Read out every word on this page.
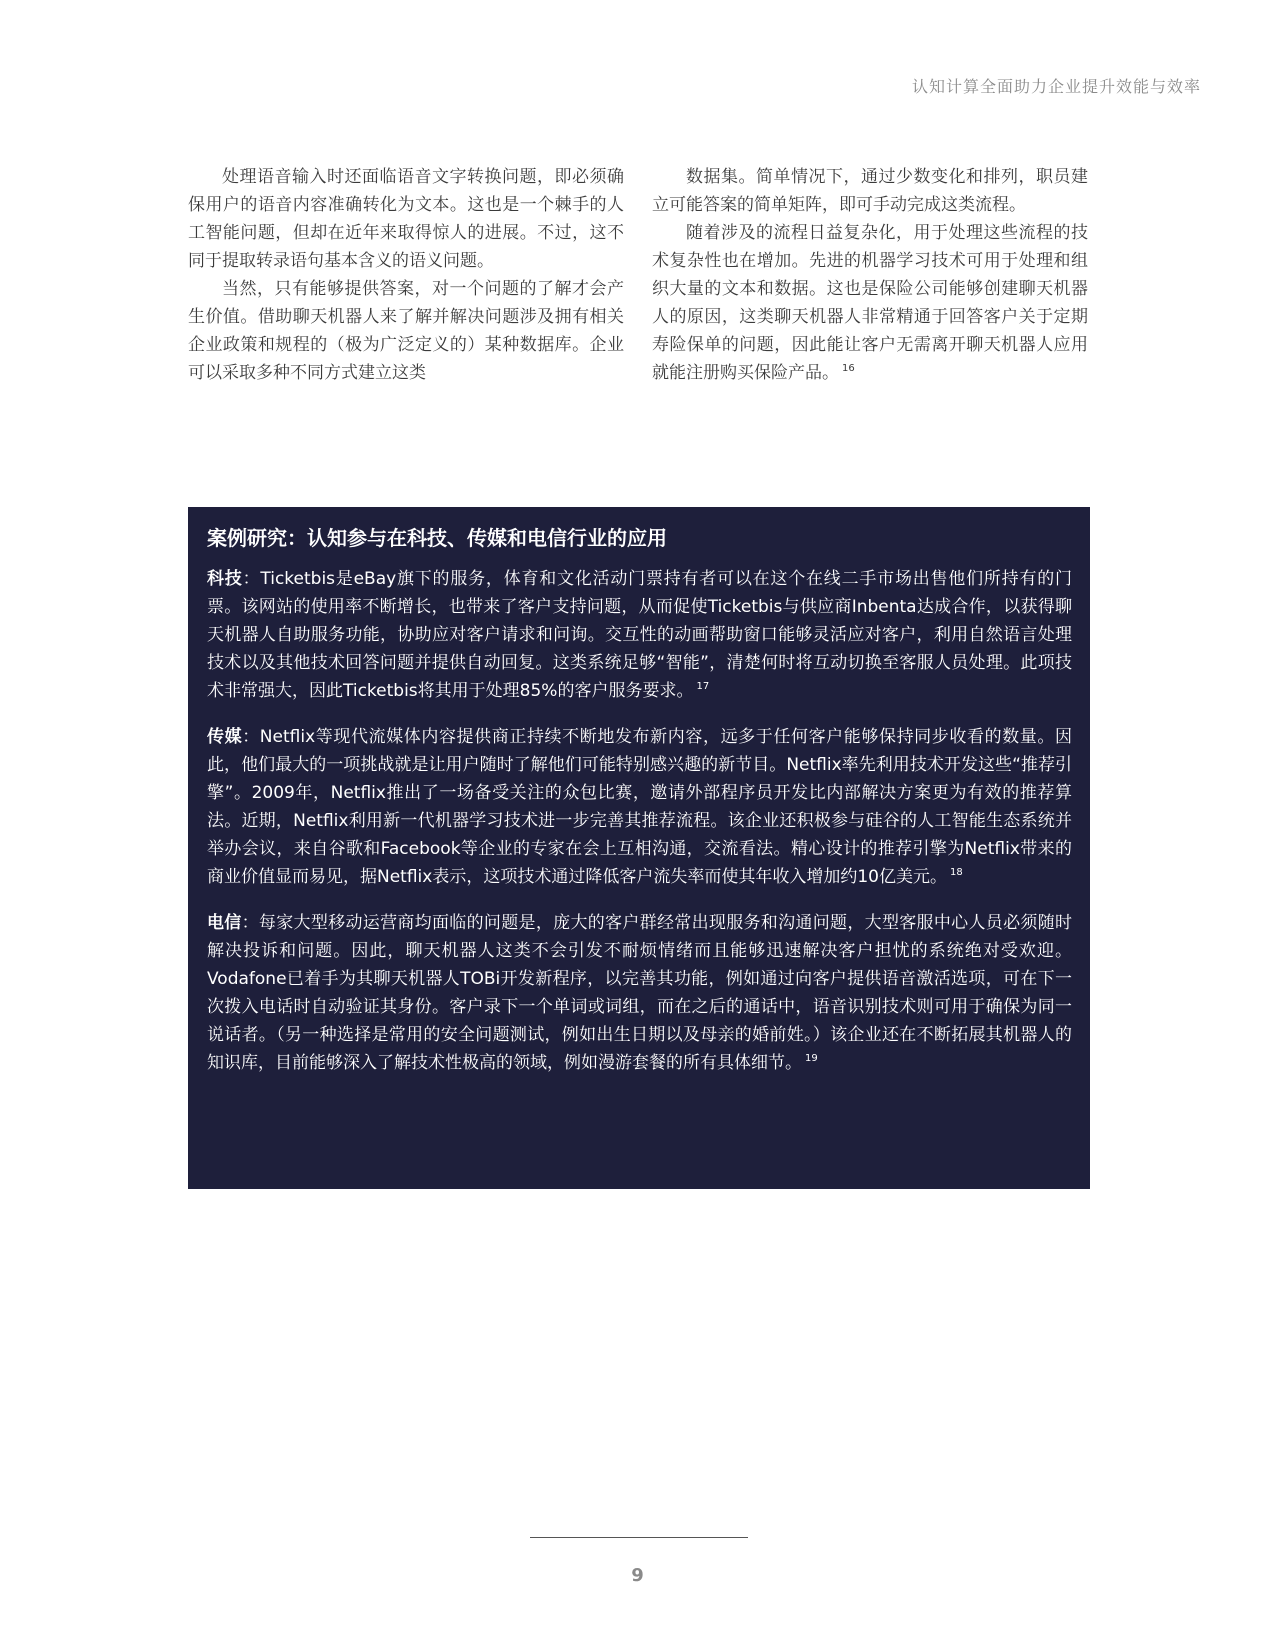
认知计算全面助力企业提升效能与效率

处理语音输入时还面临语音文字转换问题，即必须确保用户的语音内容准确转化为文本。这也是一个棘手的人工智能问题，但却在近年来取得惊人的进展。不过，这不同于提取转录语句基本含义的语义问题。

当然，只有能够提供答案，对一个问题的了解才会产生价值。借助聊天机器人来了解并解决问题涉及拥有相关企业政策和规程的（极为广泛定义的）某种数据库。企业可以采取多种不同方式建立这类

数据集。简单情况下，通过少数变化和排列，职员建立可能答案的简单矩阵，即可手动完成这类流程。

随着涉及的流程日益复杂化，用于处理这些流程的技术复杂性也在增加。先进的机器学习技术可用于处理和组织大量的文本和数据。这也是保险公司能够创建聊天机器人的原因，这类聊天机器人非常精通于回答客户关于定期寿险保单的问题，因此能让客户无需离开聊天机器人应用就能注册购买保险产品。 $^{16}$

案例研究：认知参与在科技、传媒和电信行业的应用

科技：Ticketbis是eBay旗下的服务，体育和文化活动门票持有者可以在这个在线二手市场出售他们所持有的门票。该网站的使用率不断增长，也带来了客户支持问题，从而促使Ticketbis与供应商Inbenta达成合作，以获得聊天机器人自助服务功能，协助应对客户请求和问询。交互性的动画帮助窗口能够灵活应对客户，利用自然语言处理技术以及其他技术回答问题并提供自动回复。这类系统足够“智能”，清楚何时将互动切换至客服人员处理。此项技术非常强大，因此Ticketbis将其用于处理85%的客户服务要求。 $^{17}$

传媒：Netflix等现代流媒体内容提供商正持续不断地发布新内容，远多于任何客户能够保持同步收看的数量。因此，他们最大的一项挑战就是让用户随时了解他们可能特别感兴趣的新节目。Netflix率先利用技术开发这些“推荐引擎”。2009年，Netflix推出了一场备受关注的众包比赛，邀请外部程序员开发比内部解决方案更为有效的推荐算法。近期，Netflix利用新一代机器学习技术进一步完善其推荐流程。该企业还积极参与硅谷的人工智能生态系统并举办会议，来自谷歌和Facebook等企业的专家在会上互相沟通，交流看法。精心设计的推荐引擎为Netflix带来的商业价值显而易见，据Netflix表示，这项技术通过降低客户流失率而使其年收入增加约10亿美元。 $^{18}$

电信：每家大型移动运营商均面临的问题是，庞大的客户群经常出现服务和沟通问题，大型客服中心人员必须随时解决投诉和问题。因此，聊天机器人这类不会引发不耐烦情绪而且能够迅速解决客户担忧的系统绝对受欢迎。Vodafone已着手为其聊天机器人TOBi开发新程序，以完善其功能，例如通过向客户提供语音激活选项，可在下一次拨入电话时自动验证其身份。客户录下一个单词或词组，而在之后的通话中，语音识别技术则可用于确保为同一说话者。（另一种选择是常用的安全问题测试，例如出生日期以及母亲的婚前姓。）该企业还在不断拓展其机器人的知识库，目前能够深入了解技术性极高的领域，例如漫游套餐的所有具体细节。 $^{19}$

9
